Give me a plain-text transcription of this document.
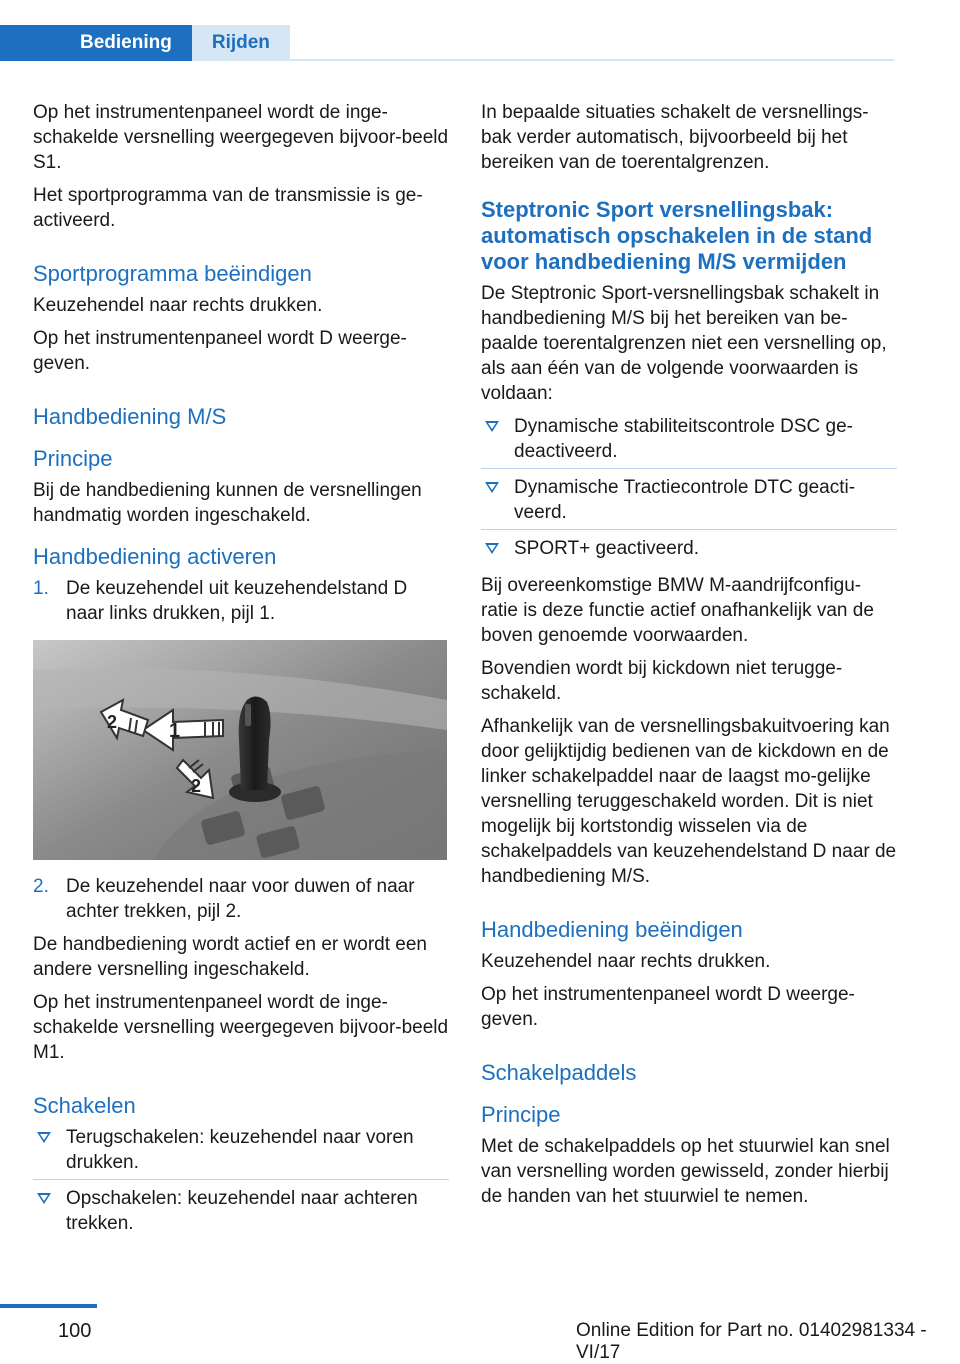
Bediening	Rijden

Op het instrumentenpaneel wordt de inge-schakelde versnelling weergegeven bijvoor-beeld S1.

Het sportprogramma van de transmissie is ge-activeerd.

Sportprogramma beëindigen

Keuzehendel naar rechts drukken.

Op het instrumentenpaneel wordt D weerge-geven.

Handbediening M/S
Principe

Bij de handbediening kunnen de versnellingen handmatig worden ingeschakeld.

Handbediening activeren
1. De keuzehendel uit keuzehendelstand D naar links drukken, pijl 1.
1
2
2
2. De keuzehendel naar voor duwen of naar achter trekken, pijl 2.

De handbediening wordt actief en er wordt een andere versnelling ingeschakeld.

Op het instrumentenpaneel wordt de inge-schakelde versnelling weergegeven bijvoor-beeld M1.

Schakelen
Terugschakelen: keuzehendel naar voren drukken.
Opschakelen: keuzehendel naar achteren trekken.

In bepaalde situaties schakelt de versnellings-bak verder automatisch, bijvoorbeeld bij het bereiken van de toerentalgrenzen.

Steptronic Sport versnellingsbak: automatisch opschakelen in de stand voor handbediening M/S vermijden

De Steptronic Sport-versnellingsbak schakelt in handbediening M/S bij het bereiken van be-paalde toerentalgrenzen niet een versnelling op, als aan één van de volgende voorwaarden is voldaan:

Dynamische stabiliteitscontrole DSC ge-deactiveerd.
Dynamische Tractiecontrole DTC geacti-veerd.
SPORT+ geactiveerd.

Bij overeenkomstige BMW M-aandrijfconfigu-ratie is deze functie actief onafhankelijk van de boven genoemde voorwaarden.

Bovendien wordt bij kickdown niet terugge-schakeld.

Afhankelijk van de versnellingsbakuitvoering kan door gelijktijdig bedienen van de kickdown en de linker schakelpaddel naar de laagst mo-gelijke versnelling teruggeschakeld worden. Dit is niet mogelijk bij kortstondig wisselen via de schakelpaddels van keuzehendelstand D naar de handbediening M/S.

Handbediening beëindigen

Keuzehendel naar rechts drukken.

Op het instrumentenpaneel wordt D weerge-geven.

Schakelpaddels
Principe

Met de schakelpaddels op het stuurwiel kan snel van versnelling worden gewisseld, zonder hierbij de handen van het stuurwiel te nemen.

100	Online Edition for Part no. 01402981334 - VI/17
